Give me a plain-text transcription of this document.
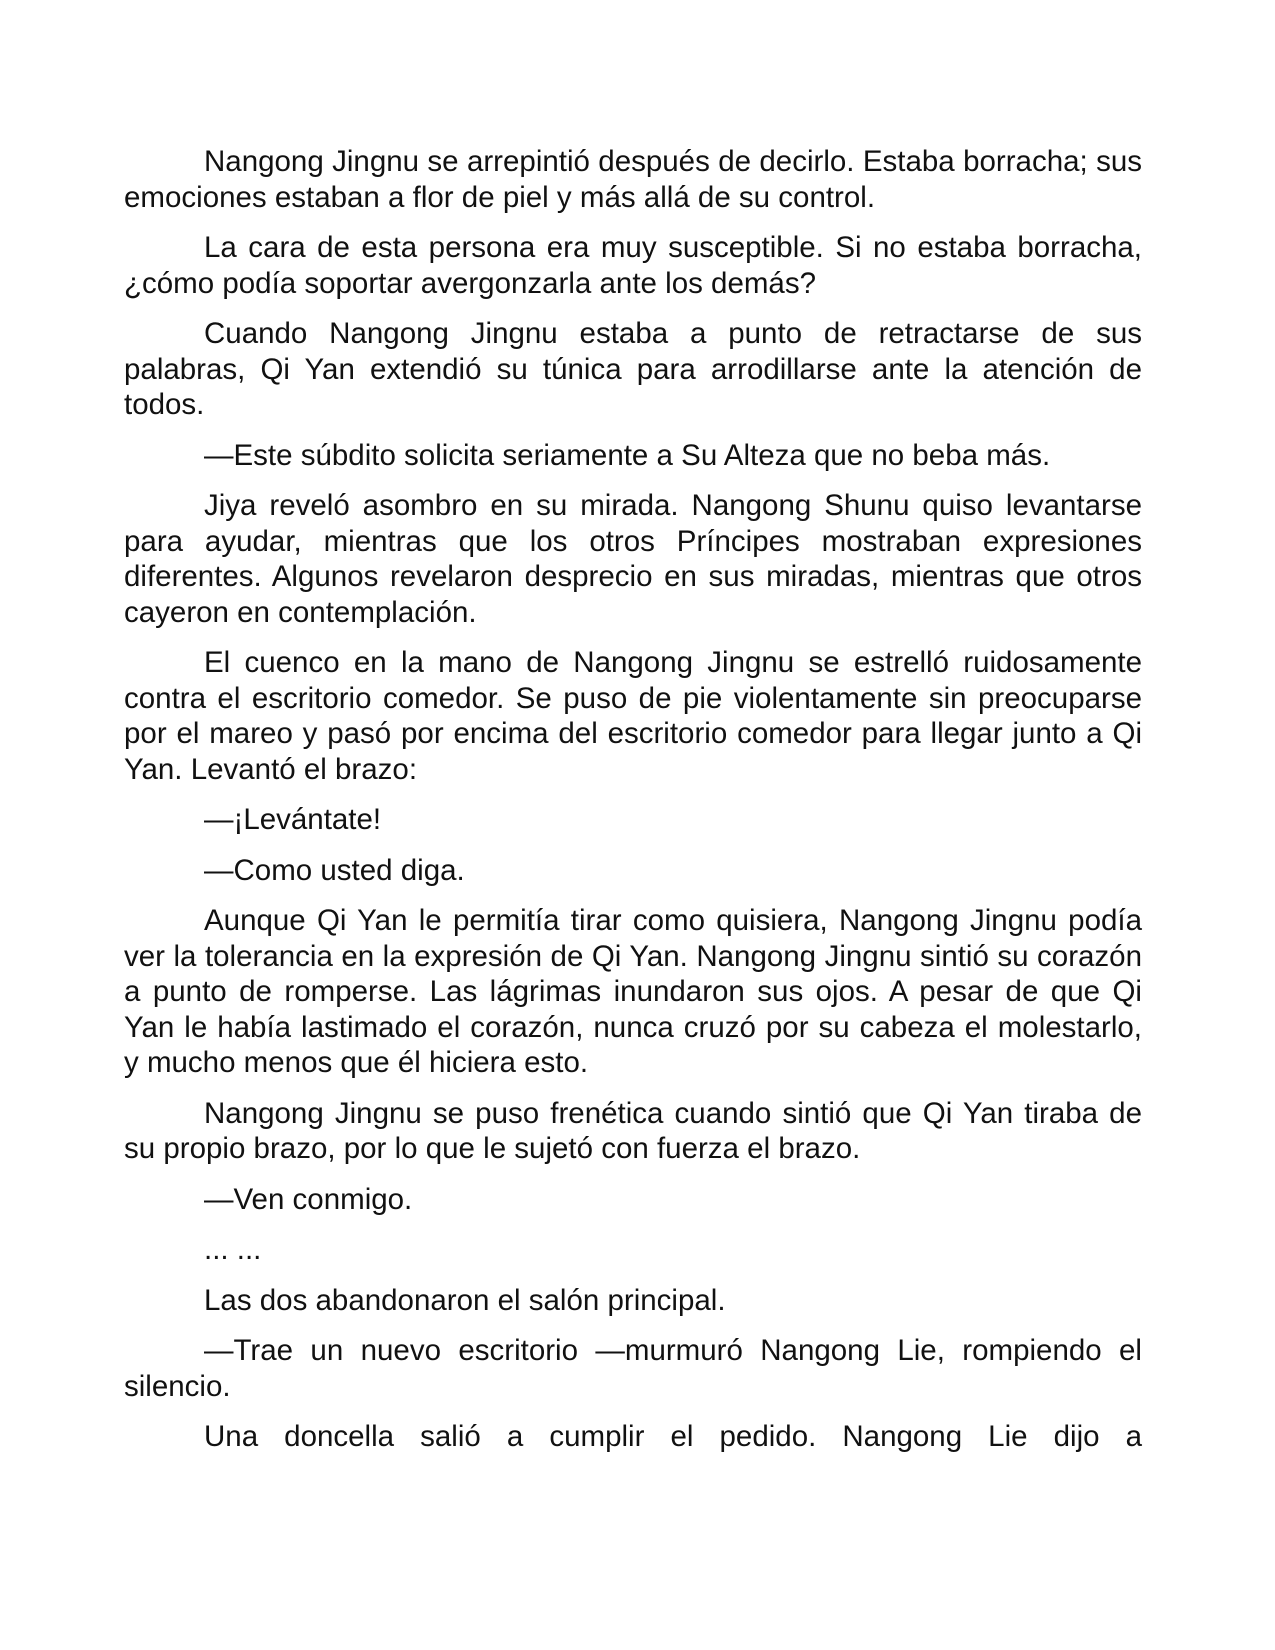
Nangong Jingnu se arrepintió después de decirlo. Estaba borracha; sus emociones estaban a flor de piel y más allá de su control.

La cara de esta persona era muy susceptible. Si no estaba borracha, ¿cómo podía soportar avergonzarla ante los demás?

Cuando Nangong Jingnu estaba a punto de retractarse de sus palabras, Qi Yan extendió su túnica para arrodillarse ante la atención de todos.

—Este súbdito solicita seriamente a Su Alteza que no beba más.

Jiya reveló asombro en su mirada. Nangong Shunu quiso levantarse para ayudar, mientras que los otros Príncipes mostraban expresiones diferentes. Algunos revelaron desprecio en sus miradas, mientras que otros cayeron en contemplación.

El cuenco en la mano de Nangong Jingnu se estrelló ruidosamente contra el escritorio comedor. Se puso de pie violentamente sin preocuparse por el mareo y pasó por encima del escritorio comedor para llegar junto a Qi Yan. Levantó el brazo:

—¡Levántate!

—Como usted diga.

Aunque Qi Yan le permitía tirar como quisiera, Nangong Jingnu podía ver la tolerancia en la expresión de Qi Yan. Nangong Jingnu sintió su corazón a punto de romperse. Las lágrimas inundaron sus ojos. A pesar de que Qi Yan le había lastimado el corazón, nunca cruzó por su cabeza el molestarlo, y mucho menos que él hiciera esto.

Nangong Jingnu se puso frenética cuando sintió que Qi Yan tiraba de su propio brazo, por lo que le sujetó con fuerza el brazo.

—Ven conmigo.

... ...

Las dos abandonaron el salón principal.

—Trae un nuevo escritorio —murmuró Nangong Lie, rompiendo el silencio.

Una doncella salió a cumplir el pedido. Nangong Lie dijo a
